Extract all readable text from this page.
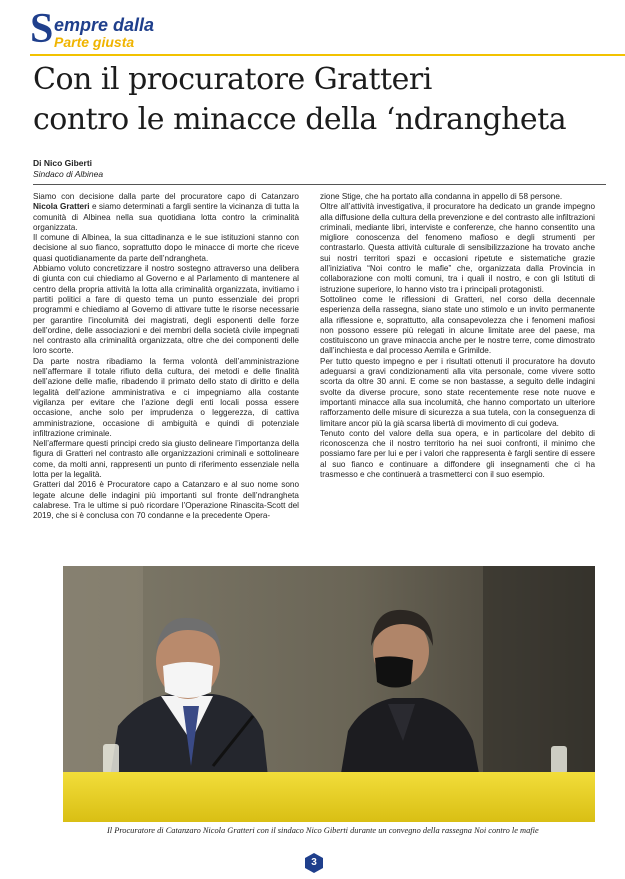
S empre dalla
Parte giusta
Con il procuratore Gratteri
contro le minacce della ‘ndrangheta
Di Nico Giberti
Sindaco di Albinea

Siamo con decisione dalla parte del procuratore capo di Catanzaro Nicola Gratteri e siamo determinati a fargli sentire la vicinanza di tutta la comunità di Albinea nella sua quotidiana lotta contro la criminalità organizzata.

Il comune di Albinea, la sua cittadinanza e le sue istituzioni stanno con decisione al suo fianco, soprattutto dopo le minacce di morte che riceve quasi quotidianamente da parte dell’ndrangheta.

Abbiamo voluto concretizzare il nostro sostegno attraverso una delibera di giunta con cui chiediamo al Governo e al Parlamento di mantenere al centro della propria attività la lotta alla criminalità organizzata, invitiamo i partiti politici a fare di questo tema un punto essenziale dei propri programmi e chiediamo al Governo di attivare tutte le risorse necessarie per garantire l’incolumità dei magistrati, degli esponenti delle forze dell’ordine, delle associazioni e dei membri della società civile impegnati nel contrasto alla criminalità organizzata, oltre che dei componenti delle loro scorte.

Da parte nostra ribadiamo la ferma volontà dell’amministrazione nell’affermare il totale rifiuto della cultura, dei metodi e delle finalità dell’azione delle mafie, ribadendo il primato dello stato di diritto e della legalità dell’azione amministrativa e ci impegniamo alla costante vigilanza per evitare che l’azione degli enti locali possa essere occasione, anche solo per imprudenza o leggerezza, di cattiva amministrazione, occasione di ambiguità e quindi di potenziale infiltrazione criminale.

Nell’affermare questi principi credo sia giusto delineare l’importanza della figura di Gratteri nel contrasto alle organizzazioni criminali e sottolineare come, da molti anni, rappresenti un punto di riferimento essenziale nella lotta per la legalità.

Gratteri dal 2016 è Procuratore capo a Catanzaro e al suo nome sono legate alcune delle indagini più importanti sul fronte dell’ndrangheta calabrese. Tra le ultime si può ricordare l’Operazione Rinascita-Scott del 2019, che si è conclusa con 70 condanne e la precedente Opera-

zione Stige, che ha portato alla condanna in appello di 58 persone.

Oltre all’attività investigativa, il procuratore ha dedicato un grande impegno alla diffusione della cultura della prevenzione e del contrasto alle infiltrazioni criminali, mediante libri, interviste e conferenze, che hanno consentito una migliore conoscenza del fenomeno mafioso e degli strumenti per contrastarlo. Questa attività culturale di sensibilizzazione ha trovato anche sui nostri territori spazi e occasioni ripetute e sistematiche grazie all’iniziativa “Noi contro le mafie” che, organizzata dalla Provincia in collaborazione con molti comuni, tra i quali il nostro, e con gli Istituti di istruzione superiore, lo hanno visto tra i principali protagonisti.

Sottolineo come le riflessioni di Gratteri, nel corso della decennale esperienza della rassegna, siano state uno stimolo e un invito permanente alla riflessione e, soprattutto, alla consapevolezza che i fenomeni mafiosi non possono essere più relegati in alcune limitate aree del paese, ma costituiscono un grave minaccia anche per le nostre terre, come dimostrato dall’inchiesta e dal processo Aemila e Grimilde.

Per tutto questo impegno e per i risultati ottenuti il procuratore ha dovuto adeguarsi a gravi condizionamenti alla vita personale, come vivere sotto scorta da oltre 30 anni. E come se non bastasse, a seguito delle indagini svolte da diverse procure, sono state recentemente rese note nuove e importanti minacce alla sua incolumità, che hanno comportato un ulteriore rafforzamento delle misure di sicurezza a sua tutela, con la conseguenza di limitare ancor più la già scarsa libertà di movimento di cui godeva.

Tenuto conto del valore della sua opera, e in particolare del debito di riconoscenza che il nostro territorio ha nei suoi confronti, il minimo che possiamo fare per lui e per i valori che rappresenta è fargli sentire di essere al suo fianco e continuare a diffondere gli insegnamenti che ci ha trasmesso e che continuerà a trasmetterci con il suo esempio.

Il Procuratore di Catanzaro Nicola Gratteri con il sindaco Nico Giberti durante un convegno della rassegna Noi contro le mafie
3
